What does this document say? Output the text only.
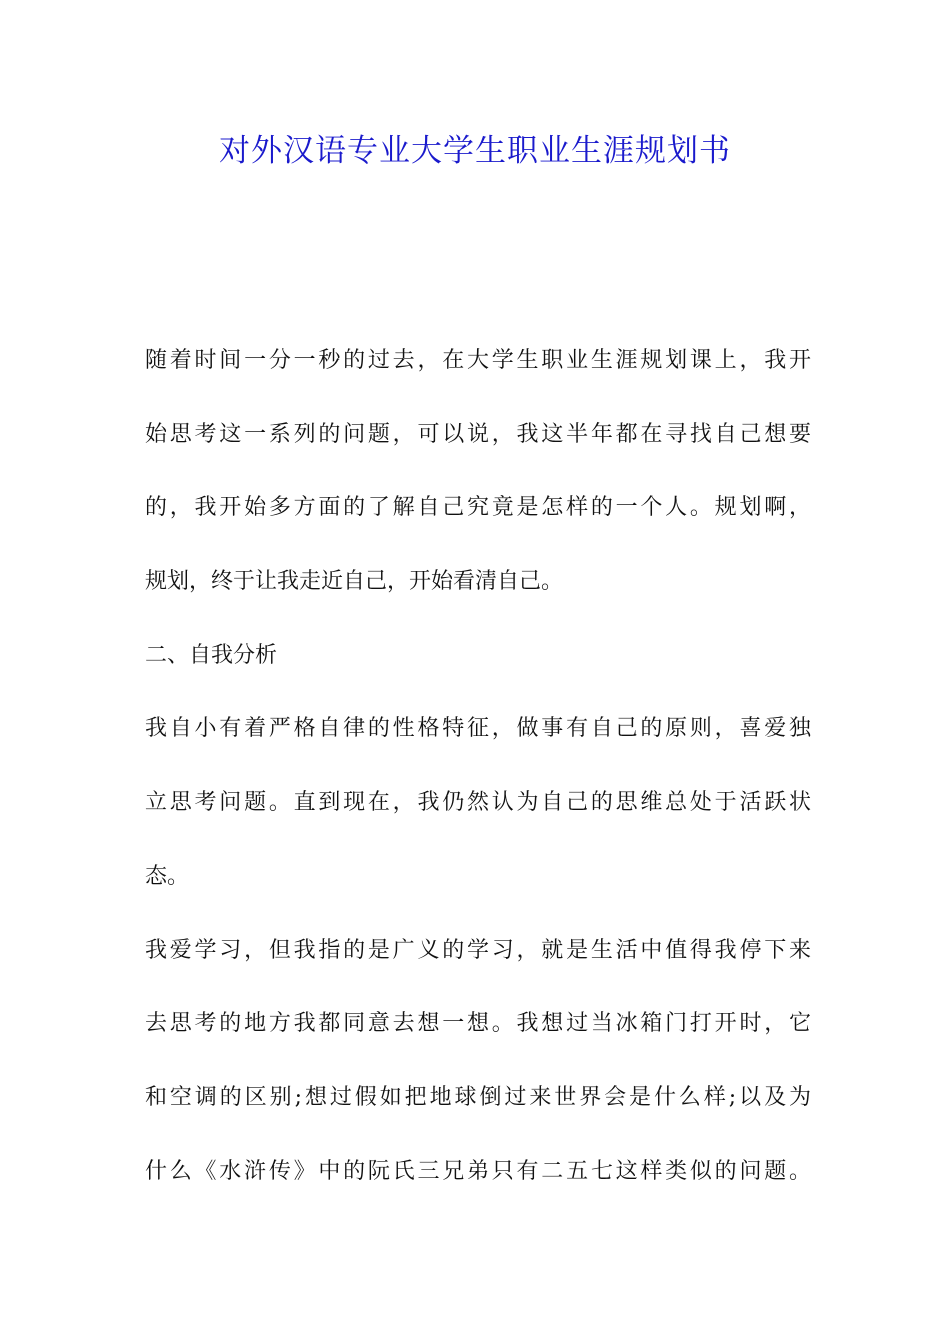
对外汉语专业大学生职业生涯规划书
随着时间一分一秒的过去，在大学生职业生涯规划课上，我开
始思考这一系列的问题，可以说，我这半年都在寻找自己想要
的，我开始多方面的了解自己究竟是怎样的一个人。规划啊，
规划，终于让我走近自己，开始看清自己。
二、自我分析
我自小有着严格自律的性格特征，做事有自己的原则，喜爱独
立思考问题。直到现在，我仍然认为自己的思维总处于活跃状
态。
我爱学习，但我指的是广义的学习，就是生活中值得我停下来
去思考的地方我都同意去想一想。我想过当冰箱门打开时，它
和空调的区别;想过假如把地球倒过来世界会是什么样;以及为
什么《水浒传》中的阮氏三兄弟只有二五七这样类似的问题。
